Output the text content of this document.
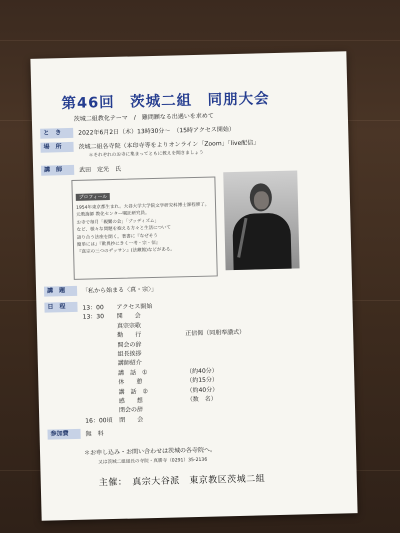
第46回　茨城二組　同朋大会
茨城二組教化テーマ　/　難問願なる出遇いを求めて
と　き	2022年6月2日（木）13時30分～　（15時アクセス開始）
場　所	茨城二組各寺院（本印寺等をよりオンライン「Zoom」「live配信」
＊それぞれのお寺に集まってともに教えを聞きましょう
講　師	武田　定光　氏
プロフィール
1954年東京都生まれ。大谷大学大学院文学研究科博士課程修了。
元教誨師 教化センター嘱託研究員。
お寺で毎月「親鸞の会」「ブッディズム」
など、様々な問題を抱える方々と生活について
語り合う法座を開く。著書に『なぜそう
簡単には』『歎異抄にきく一考・宗・信』
『真宗の三つのデッサン』(法藏館)などがある。
講　題	「私から始まる〈真・宗〉」
日　程	13：00 アクセス開始
13：30 開　　会
真宗宗歌
勤　　行	正信偈（同朋奉讃式）
開会の辞
組長挨拶
講師紹介
講　話　①	（約40分）
休　　憩	（約15分）
講　話　②	（約40分）
感　　想	（数　名）
閉会の辞
16：00頃 閉　　会
参加費	無　料
＊お申し込み・お問い合わせは茨城の各寺院へ。
又は茨城二組組長の寺院・真勝寺（0291）35-2136
主催：　真宗大谷派　東京教区茨城二組
